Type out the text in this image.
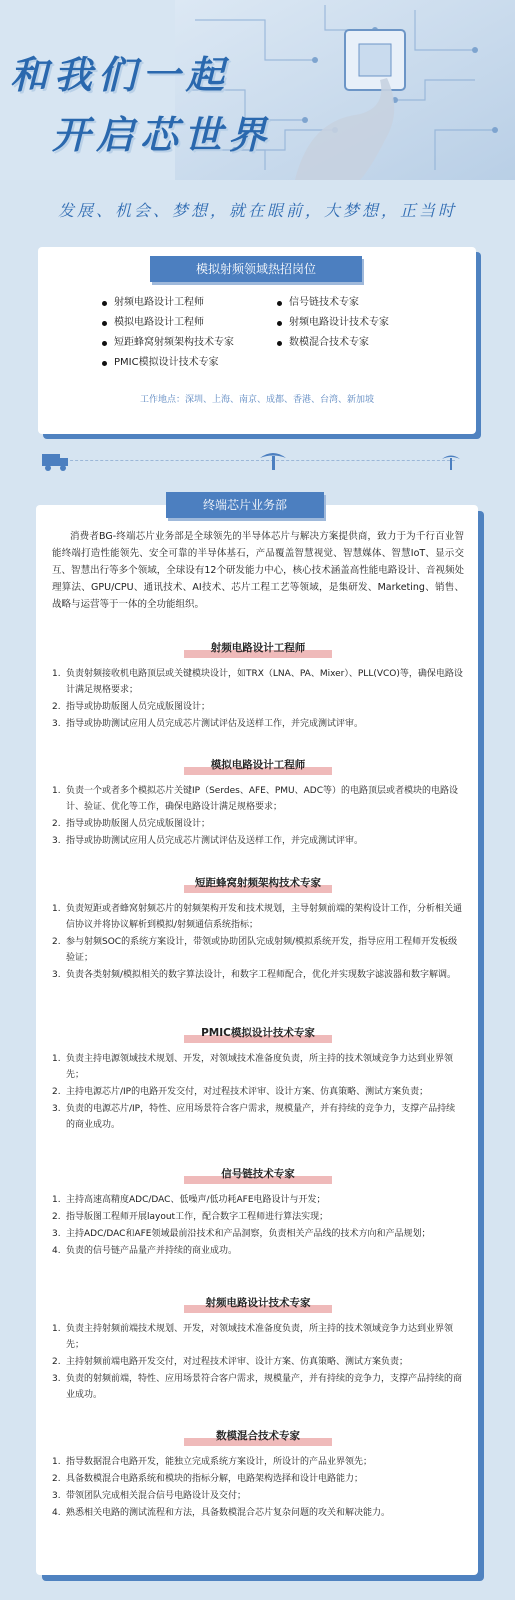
和我们一起
开启芯世界
发展、机会、梦想，就在眼前，大梦想，正当时
模拟射频领域热招岗位
射频电路设计工程师	信号链技术专家
模拟电路设计工程师	射频电路设计技术专家
短距蜂窝射频架构技术专家	数模混合技术专家
PMIC模拟设计技术专家
工作地点：深圳、上海、南京、成都、香港、台湾、新加坡
终端芯片业务部
消费者BG-终端芯片业务部是全球领先的半导体芯片与解决方案提供商，致力于为千行百业智能终端打造性能领先、安全可靠的半导体基石，产品覆盖智慧视觉、智慧媒体、智慧IoT、显示交互、智慧出行等多个领域，全球设有12个研发能力中心，核心技术涵盖高性能电路设计、音视频处理算法、GPU/CPU、通讯技术、AI技术、芯片工程工艺等领域，是集研发、Marketing、销售、战略与运营等于一体的全功能组织。
射频电路设计工程师
负责射频接收机电路顶层或关键模块设计，如TRX（LNA、PA、Mixer）、PLL(VCO)等，确保电路设计满足规格要求；
指导或协助版图人员完成版图设计；
指导或协助测试应用人员完成芯片测试评估及送样工作，并完成测试评审。
模拟电路设计工程师
负责一个或者多个模拟芯片关键IP（Serdes、AFE、PMU、ADC等）的电路顶层或者模块的电路设计、验证、优化等工作，确保电路设计满足规格要求；
指导或协助版图人员完成版图设计；
指导或协助测试应用人员完成芯片测试评估及送样工作，并完成测试评审。
短距蜂窝射频架构技术专家
负责短距或者蜂窝射频芯片的射频架构开发和技术规划，主导射频前端的架构设计工作，分析相关通信协议并将协议解析到模拟/射频通信系统指标；
参与射频SOC的系统方案设计，带领或协助团队完成射频/模拟系统开发，指导应用工程师开发板级验证；
负责各类射频/模拟相关的数字算法设计，和数字工程师配合，优化并实现数字滤波器和数字解调。
PMIC模拟设计技术专家
负责主持电源领域技术规划、开发，对领域技术准备度负责，所主持的技术领域竞争力达到业界领先；
主持电源芯片/IP的电路开发交付，对过程技术评审、设计方案、仿真策略、测试方案负责；
负责的电源芯片/IP，特性、应用场景符合客户需求，规模量产，并有持续的竞争力，支撑产品持续的商业成功。
信号链技术专家
主持高速高精度ADC/DAC、低噪声/低功耗AFE电路设计与开发；
指导版图工程师开展layout工作，配合数字工程师进行算法实现；
主持ADC/DAC和AFE领域最前沿技术和产品洞察，负责相关产品线的技术方向和产品规划；
负责的信号链产品量产并持续的商业成功。
射频电路设计技术专家
负责主持射频前端技术规划、开发，对领域技术准备度负责，所主持的技术领域竞争力达到业界领先；
主持射频前端电路开发交付，对过程技术评审、设计方案、仿真策略、测试方案负责；
负责的射频前端，特性、应用场景符合客户需求，规模量产，并有持续的竞争力，支撑产品持续的商业成功。
数模混合技术专家
指导数据混合电路开发，能独立完成系统方案设计，所设计的产品业界领先；
具备数模混合电路系统和模块的指标分解，电路架构选择和设计电路能力；
带领团队完成相关混合信号电路设计及交付；
熟悉相关电路的测试流程和方法，具备数模混合芯片复杂问题的攻关和解决能力。
